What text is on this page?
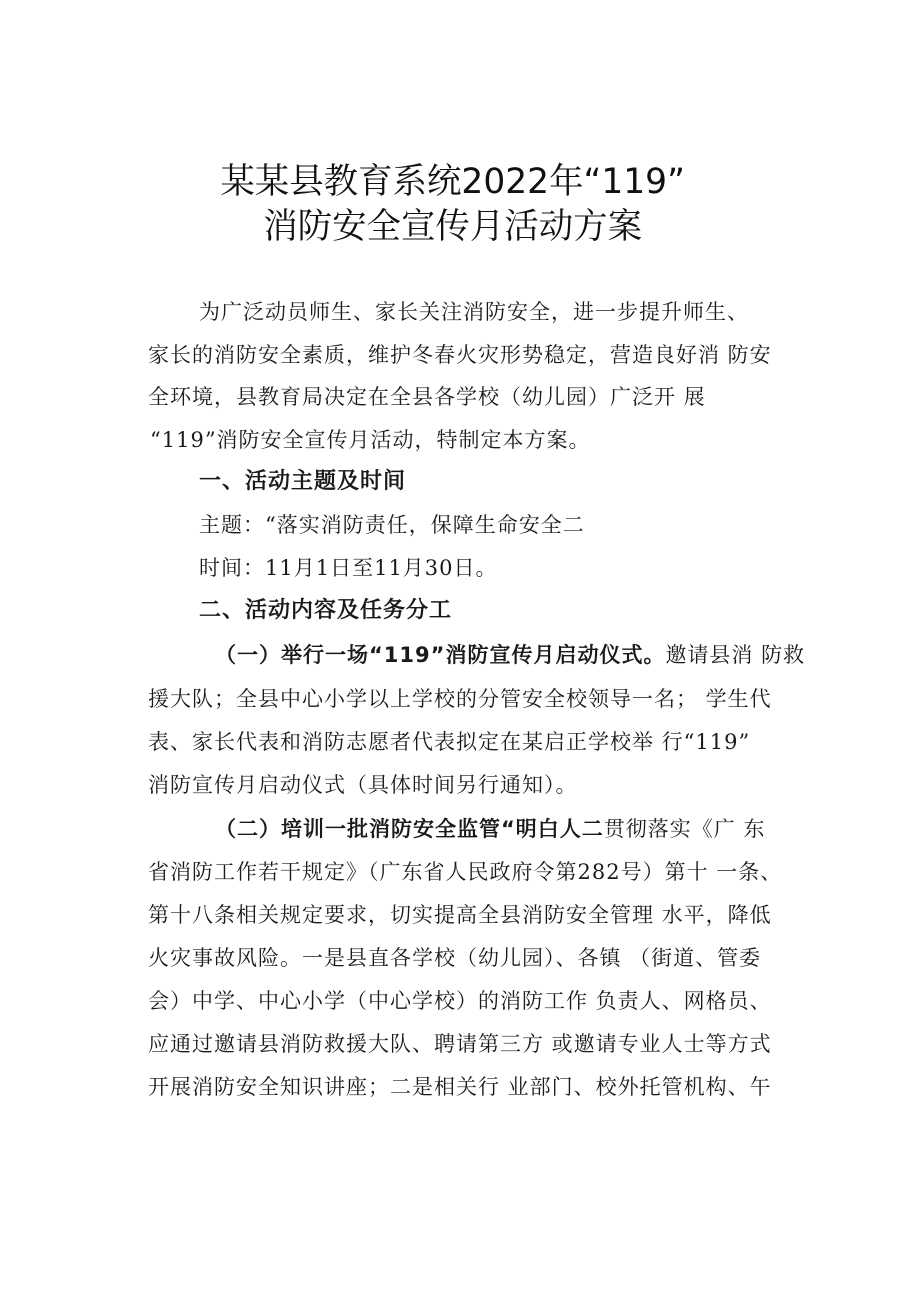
某某县教育系统2022年“119”
消防安全宣传月活动方案
为广泛动员师生、家长关注消防安全，进一步提升师生、
家长的消防安全素质，维护冬春火灾形势稳定，营造良好消 防安
全环境，县教育局决定在全县各学校（幼儿园）广泛开 展
“119”消防安全宣传月活动，特制定本方案。
一、活动主题及时间
主题：“落实消防责任，保障生命安全二
时间：11月1日至11月30日。
二、活动内容及任务分工
（一）举行一场“119”消防宣传月启动仪式。邀请县消 防救
援大队；全县中心小学以上学校的分管安全校领导一名； 学生代
表、家长代表和消防志愿者代表拟定在某启正学校举 行“119”
消防宣传月启动仪式（具体时间另行通知）。
（二）培训一批消防安全监管“明白人二贯彻落实《广 东
省消防工作若干规定》（广东省人民政府令第282号）第十 一条、
第十八条相关规定要求，切实提高全县消防安全管理 水平，降低
火灾事故风险。一是县直各学校（幼儿园）、各镇 （街道、管委
会）中学、中心小学（中心学校）的消防工作 负责人、网格员、
应通过邀请县消防救援大队、聘请第三方 或邀请专业人士等方式
开展消防安全知识讲座；二是相关行 业部门、校外托管机构、午
